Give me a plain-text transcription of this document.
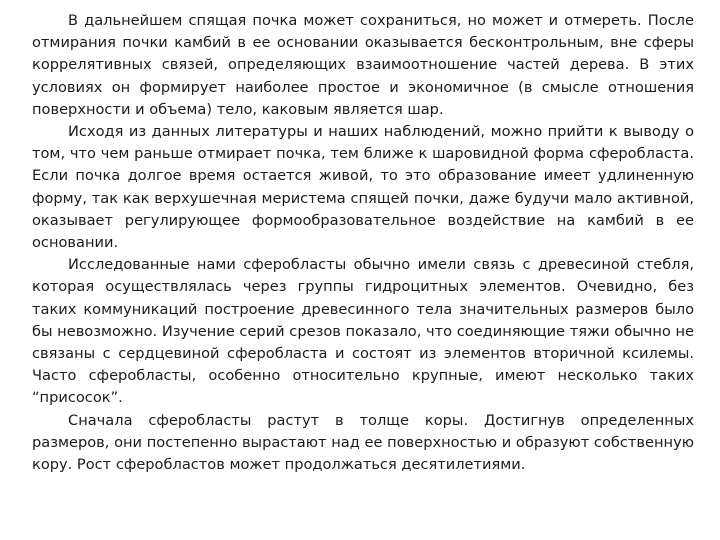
В дальнейшем спящая почка может сохраниться, но может и отмереть. После отмирания почки камбий в ее основании оказывается бесконтрольным, вне сферы коррелятивных связей, определяющих взаимоотношение частей дерева. В этих условиях он формирует наиболее простое и экономичное (в смысле отношения поверхности и объема) тело, каковым является шар.

Исходя из данных литературы и наших наблюдений, можно прийти к выводу о том, что чем раньше отмирает почка, тем ближе к шаровидной форма сферобласта. Если почка долгое время остается живой, то это образование имеет удлиненную форму, так как верхушечная меристема спящей почки, даже будучи мало активной, оказывает регулирующее формообразовательное воздействие на камбий в ее основании.

Исследованные нами сферобласты обычно имели связь с древесиной стебля, которая осуществлялась через группы гидроцитных элементов. Очевидно, без таких коммуникаций построение древесинного тела значительных размеров было бы невозможно. Изучение серий срезов показало, что соединяющие тяжи обычно не связаны с сердцевиной сферобласта и состоят из элементов вторичной ксилемы. Часто сферобласты, особенно относительно крупные, имеют несколько таких “присосок”.

Сначала сферобласты растут в толще коры. Достигнув определенных размеров, они постепенно вырастают над ее поверхностью и образуют собственную кору. Рост сферобластов может продолжаться десятилетиями.
